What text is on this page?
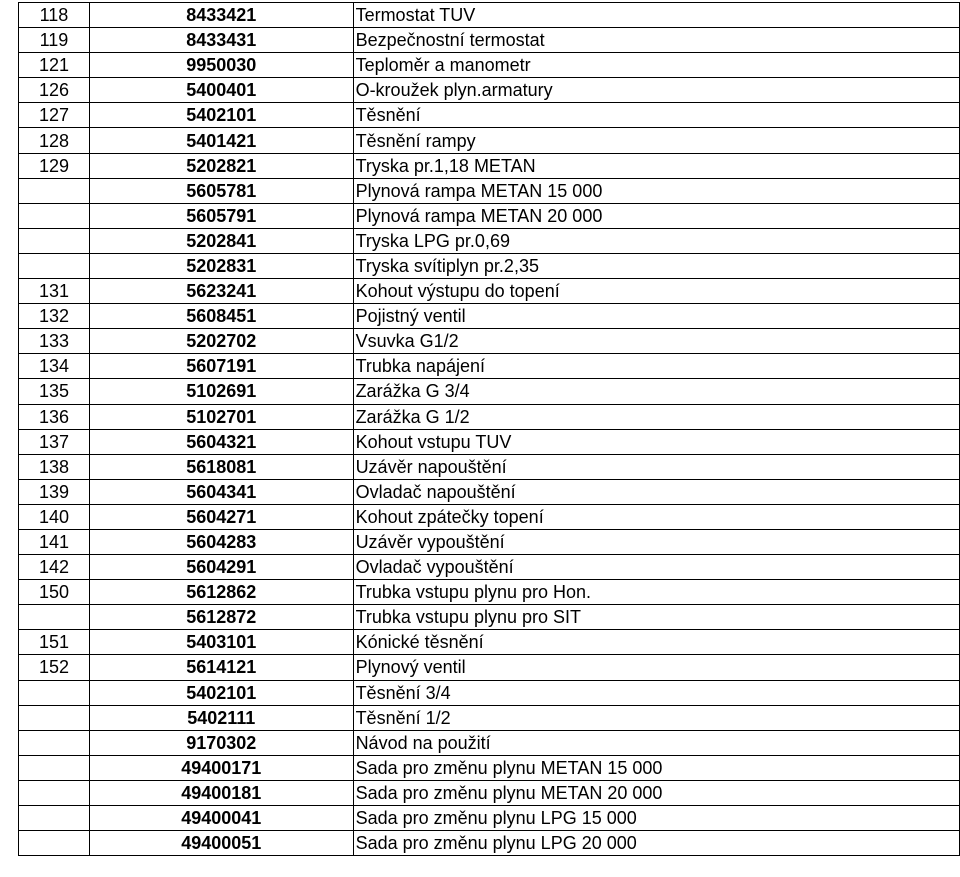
118	8433421	Termostat TUV
119	8433431	Bezpečnostní termostat
121	9950030	Teploměr a manometr
126	5400401	O-kroužek plyn.armatury
127	5402101	Těsnění
128	5401421	Těsnění rampy
129	5202821	Tryska pr.1,18 METAN
	5605781	Plynová rampa METAN 15 000
	5605791	Plynová rampa METAN 20 000
	5202841	Tryska LPG pr.0,69
	5202831	Tryska svítiplyn pr.2,35
131	5623241	Kohout výstupu do topení
132	5608451	Pojistný ventil
133	5202702	Vsuvka G1/2
134	5607191	Trubka napájení
135	5102691	Zarážka G 3/4
136	5102701	Zarážka G 1/2
137	5604321	Kohout vstupu TUV
138	5618081	Uzávěr napouštění
139	5604341	Ovladač napouštění
140	5604271	Kohout zpátečky topení
141	5604283	Uzávěr vypouštění
142	5604291	Ovladač vypouštění
150	5612862	Trubka vstupu plynu pro Hon.
	5612872	Trubka vstupu plynu pro SIT
151	5403101	Kónické těsnění
152	5614121	Plynový ventil
	5402101	Těsnění 3/4
	5402111	Těsnění 1/2
	9170302	Návod na použití
	49400171	Sada pro změnu plynu METAN 15 000
	49400181	Sada pro změnu plynu METAN 20 000
	49400041	Sada pro změnu plynu LPG 15 000
	49400051	Sada pro změnu plynu LPG 20 000
